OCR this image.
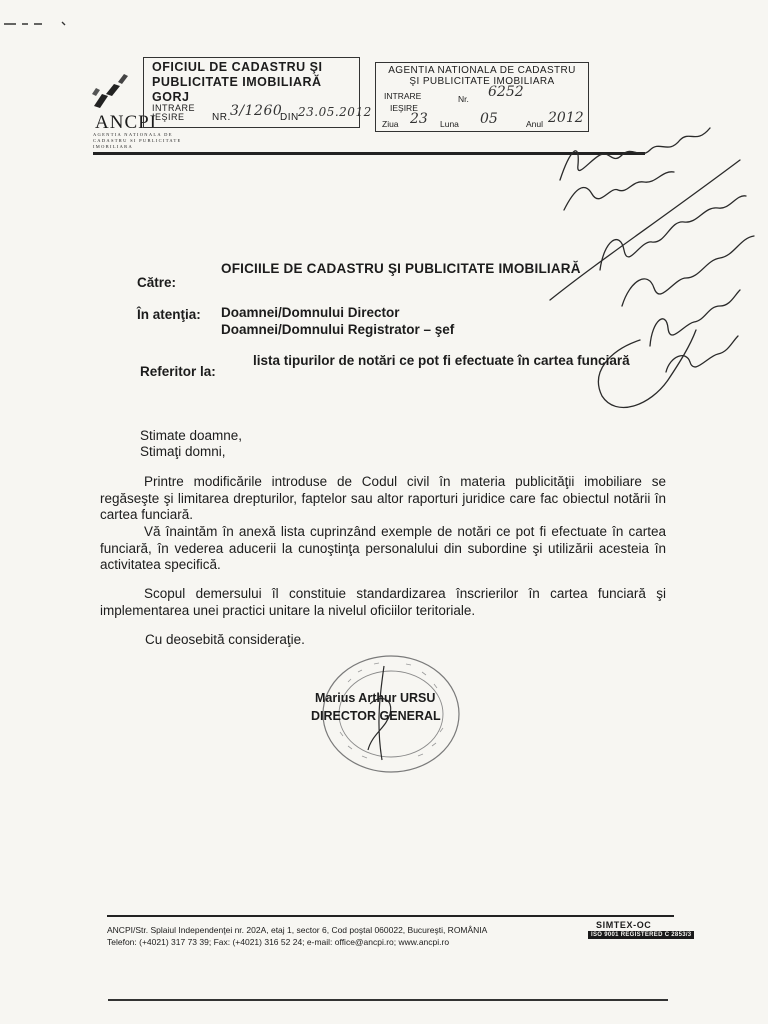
ANCPI
AGENTIA NATIONALA DE CADASTRU SI PUBLICITATE IMOBILIARA
OFICIUL DE CADASTRU ŞI
PUBLICITATE IMOBILIARĂ GORJ
INTRARE
IEŞIRE	NR. 3/1260
DIN 23.05.2012
AGENTIA NATIONALA DE CADASTRU
ŞI PUBLICITATE IMOBILIARA
INTRARE	Nr. 6252
IEŞIRE
Ziua 23 Luna 05	Anul 2012
Către:
OFICIILE DE CADASTRU ŞI PUBLICITATE IMOBILIARĂ
În atenţia: Doamnei/Domnului Director
Doamnei/Domnului Registrator – şef
Referitor la:
lista tipurilor de notări ce pot fi efectuate în cartea funciară
Stimate doamne,
Stimaţi domni,
Printre modificările introduse de Codul civil în materia publicităţii imobiliare se regăseşte şi limitarea drepturilor, faptelor sau altor raporturi juridice care fac obiectul notării în cartea funciară.
Vă înaintăm în anexă lista cuprinzând exemple de notări ce pot fi efectuate în cartea funciară, în vederea aducerii la cunoştinţa personalului din subordine şi utilizării acesteia în activitatea specifică.
Scopul demersului îl constituie standardizarea înscrierilor în cartea funciară şi implementarea unei practici unitare la nivelul oficiilor teritoriale.
Cu deosebită consideraţie.
Marius Arthur URSU
DIRECTOR GENERAL
ANCPI/Str. Splaiul Independenţei nr. 202A, etaj 1, sector 6, Cod poştal 060022, Bucureşti, ROMÂNIA
Telefon: (+4021) 317 73 39; Fax: (+4021) 316 52 24; e-mail: office@ancpi.ro; www.ancpi.ro
SIMTEX-OC
ISO 9001 REGISTERED C 2853/3
